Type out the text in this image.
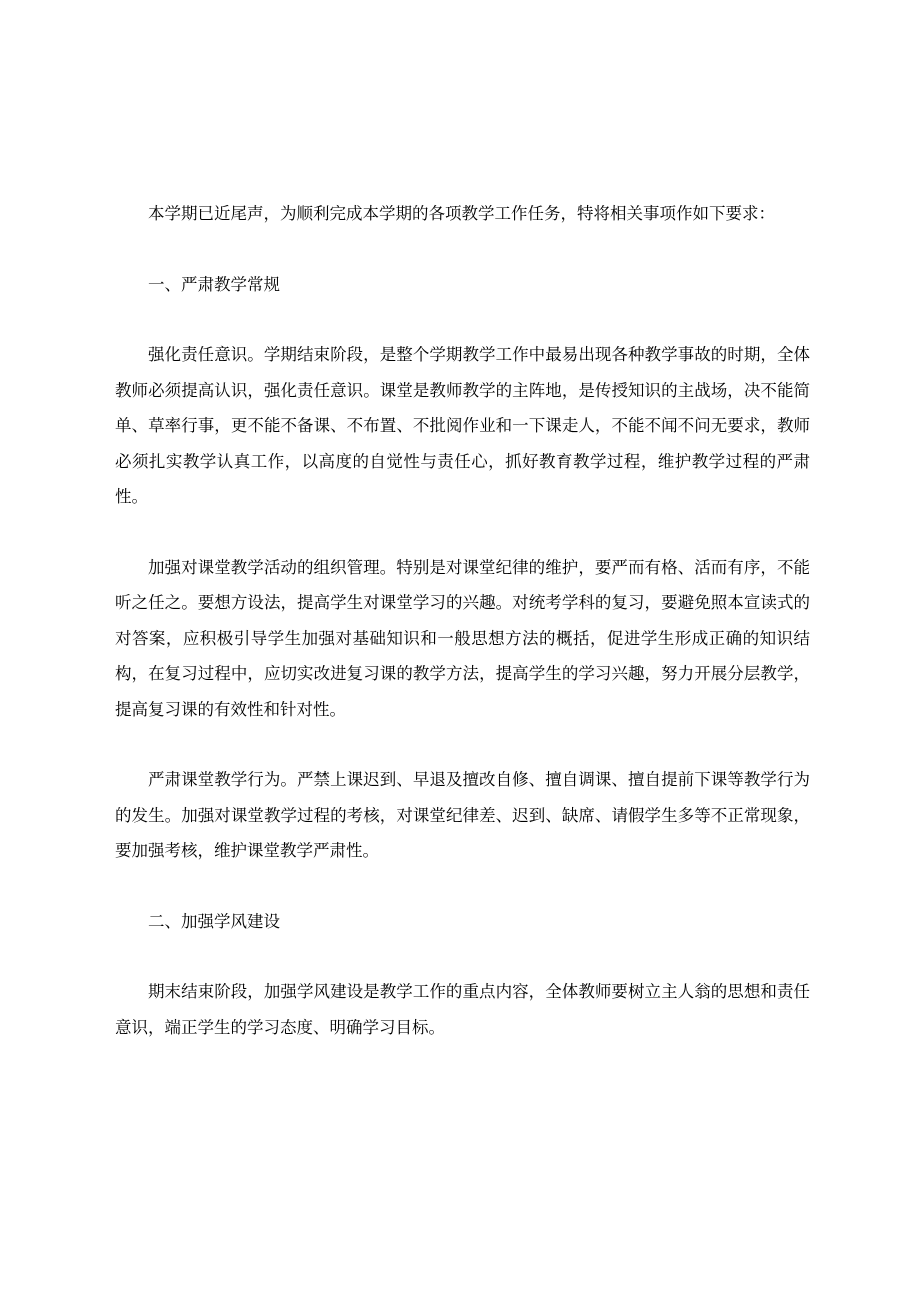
本学期已近尾声，为顺利完成本学期的各项教学工作任务，特将相关事项作如下要求：

一、严肃教学常规

强化责任意识。学期结束阶段，是整个学期教学工作中最易出现各种教学事故的时期，全体教师必须提高认识，强化责任意识。课堂是教师教学的主阵地，是传授知识的主战场，决不能简单、草率行事，更不能不备课、不布置、不批阅作业和一下课走人，不能不闻不问无要求，教师必须扎实教学认真工作，以高度的自觉性与责任心，抓好教育教学过程，维护教学过程的严肃性。

加强对课堂教学活动的组织管理。特别是对课堂纪律的维护，要严而有格、活而有序，不能听之任之。要想方设法，提高学生对课堂学习的兴趣。对统考学科的复习，要避免照本宣读式的对答案，应积极引导学生加强对基础知识和一般思想方法的概括，促进学生形成正确的知识结构，在复习过程中，应切实改进复习课的教学方法，提高学生的学习兴趣，努力开展分层教学，提高复习课的有效性和针对性。

严肃课堂教学行为。严禁上课迟到、早退及擅改自修、擅自调课、擅自提前下课等教学行为的发生。加强对课堂教学过程的考核，对课堂纪律差、迟到、缺席、请假学生多等不正常现象，要加强考核，维护课堂教学严肃性。

二、加强学风建设

期末结束阶段，加强学风建设是教学工作的重点内容，全体教师要树立主人翁的思想和责任意识，端正学生的学习态度、明确学习目标。
